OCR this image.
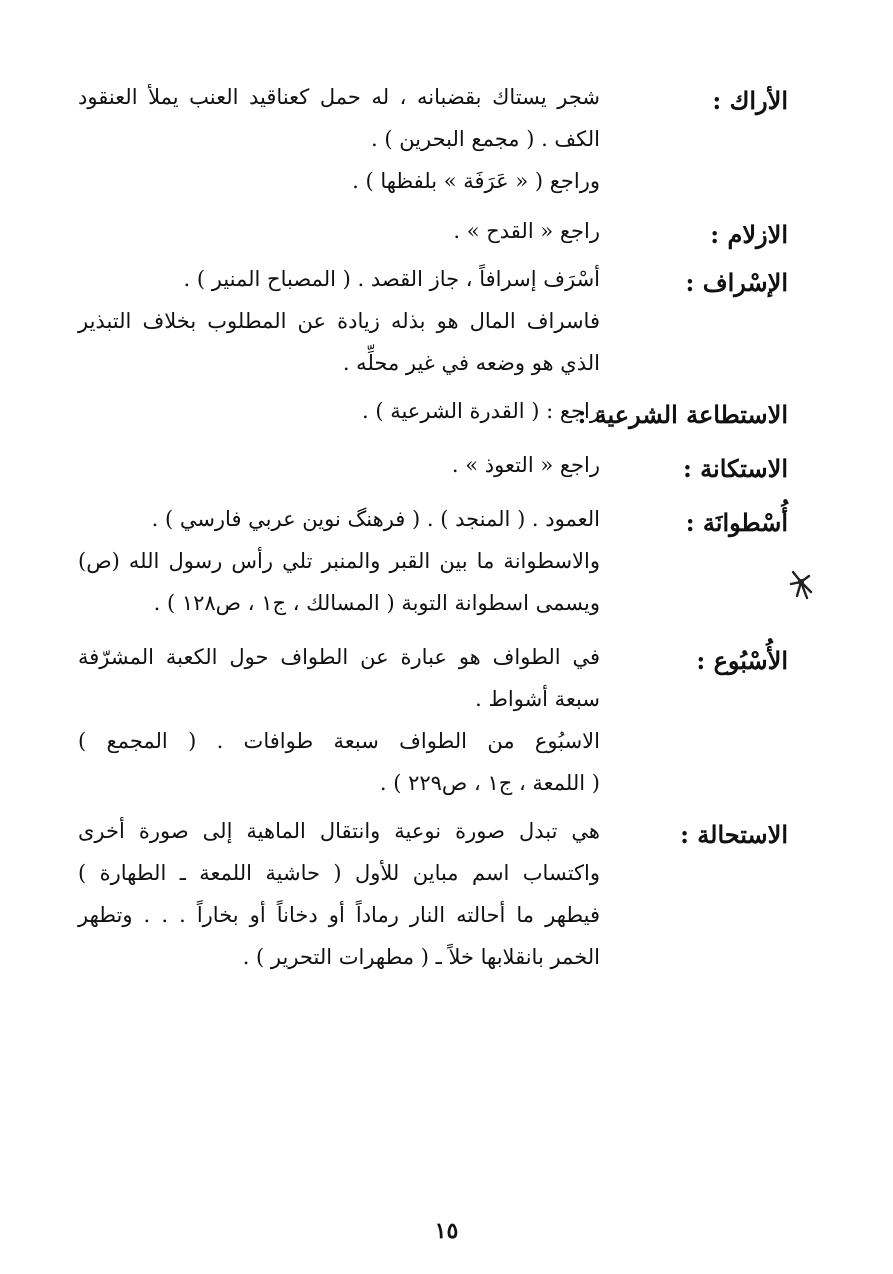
الأراك :
شجر يستاك بقضبانه ، له حمل كعناقيد العنب يملأ العنقود
الكف . ( مجمع البحرين ) .
وراجع ( « عَرَفَة » بلفظها ) .
الازلام :
راجع « القدح » .
الإسْراف :
أسْرَف إسرافاً ، جاز القصد . ( المصباح المنير ) .
فاسراف المال هو بذله زيادة عن المطلوب بخلاف التبذير
الذي هو وضعه في غير محلِّه .
الاستطاعة الشرعية :
راجع : ( القدرة الشرعية ) .
الاستكانة :
راجع « التعوذ » .
أُسْطوانَة :
العمود . ( المنجد ) . ( فرهنگ نوين عربي فارسي ) .
والاسطوانة ما بين القبر والمنبر تلي رأس رسول الله (ص)
ويسمى اسطوانة التوبة ( المسالك ، ج١ ، ص١٢٨ ) .
الأُسْبُوع :
في الطواف هو عبارة عن الطواف حول الكعبة المشرّفة
سبعة أشواط .
الاسبُوع من الطواف سبعة طوافات . ( المجمع )
( اللمعة ، ج١ ، ص٢٢٩ ) .
الاستحالة :
هي تبدل صورة نوعية وانتقال الماهية إلى صورة أخرى
واكتساب اسم مباين للأول ( حاشية اللمعة ـ الطهارة )
فيطهر ما أحالته النار رماداً أو دخاناً أو بخاراً . . . وتطهر
الخمر بانقلابها خلاً ـ ( مطهرات التحرير ) .
١٥
